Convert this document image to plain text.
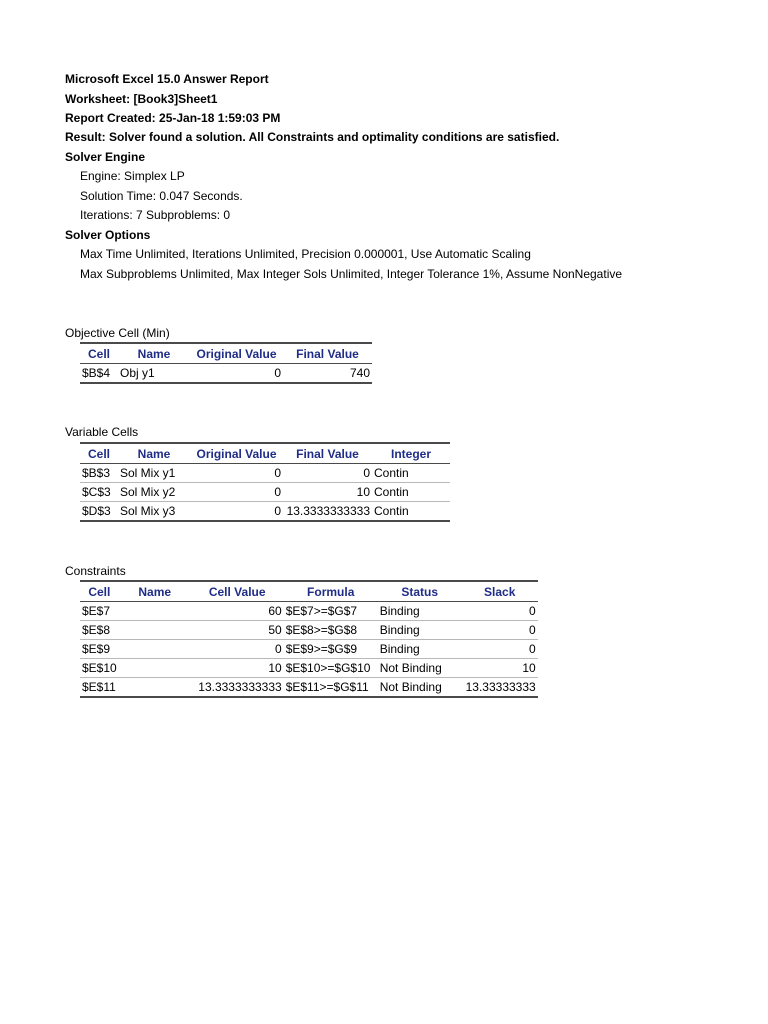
Microsoft Excel 15.0 Answer Report
Worksheet: [Book3]Sheet1
Report Created: 25-Jan-18 1:59:03 PM
Result: Solver found a solution. All Constraints and optimality conditions are satisfied.
Solver Engine
Engine: Simplex LP
Solution Time: 0.047 Seconds.
Iterations: 7 Subproblems: 0
Solver Options
Max Time Unlimited, Iterations Unlimited, Precision 0.000001, Use Automatic Scaling
Max Subproblems Unlimited, Max Integer Sols Unlimited, Integer Tolerance 1%, Assume NonNegative
Objective Cell (Min)
Cell	Name	Original Value	Final Value
$B$4	Obj y1	0	740
Variable Cells
Cell	Name	Original Value	Final Value	Integer
$B$3	Sol Mix y1	0	0	Contin
$C$3	Sol Mix y2	0	10	Contin
$D$3	Sol Mix y3	0	13.3333333333	Contin
Constraints
Cell	Name	Cell Value	Formula	Status	Slack
$E$7		60	$E$7>=$G$7	Binding	0
$E$8		50	$E$8>=$G$8	Binding	0
$E$9		0	$E$9>=$G$9	Binding	0
$E$10		10	$E$10>=$G$10	Not Binding	10
$E$11		13.3333333333	$E$11>=$G$11	Not Binding	13.33333333
